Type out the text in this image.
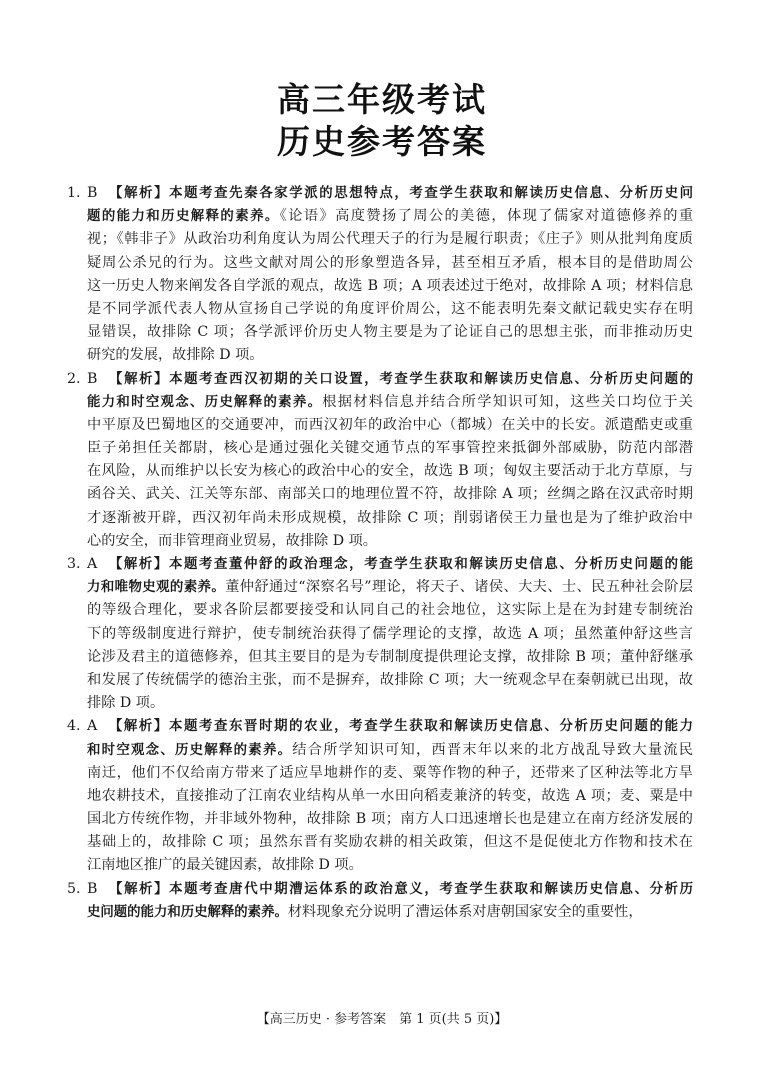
高三年级考试
历史参考答案
1. B 【解析】本题考查先秦各家学派的思想特点，考查学生获取和解读历史信息、分析历史问
题的能力和历史解释的素养。《论语》高度赞扬了周公的美德，体现了儒家对道德修养的重
视；《韩非子》从政治功利角度认为周公代理天子的行为是履行职责；《庄子》则从批判角度质
疑周公杀兄的行为。这些文献对周公的形象塑造各异，甚至相互矛盾，根本目的是借助周公
这一历史人物来阐发各自学派的观点，故选 B 项；A 项表述过于绝对，故排除 A 项；材料信息
是不同学派代表人物从宣扬自己学说的角度评价周公，这不能表明先秦文献记载史实存在明
显错误，故排除 C 项；各学派评价历史人物主要是为了论证自己的思想主张，而非推动历史
研究的发展，故排除 D 项。
2. B 【解析】本题考查西汉初期的关口设置，考查学生获取和解读历史信息、分析历史问题的
能力和时空观念、历史解释的素养。根据材料信息并结合所学知识可知，这些关口均位于关
中平原及巴蜀地区的交通要冲，而西汉初年的政治中心（都城）在关中的长安。派遣酷吏或重
臣子弟担任关都尉，核心是通过强化关键交通节点的军事管控来抵御外部威胁，防范内部潜
在风险，从而维护以长安为核心的政治中心的安全，故选 B 项；匈奴主要活动于北方草原，与
函谷关、武关、江关等东部、南部关口的地理位置不符，故排除 A 项；丝绸之路在汉武帝时期
才逐渐被开辟，西汉初年尚未形成规模，故排除 C 项；削弱诸侯王力量也是为了维护政治中
心的安全，而非管理商业贸易，故排除 D 项。
3. A 【解析】本题考查董仲舒的政治理念，考查学生获取和解读历史信息、分析历史问题的能
力和唯物史观的素养。董仲舒通过“深察名号”理论，将天子、诸侯、大夫、士、民五种社会阶层
的等级合理化，要求各阶层都要接受和认同自己的社会地位，这实际上是在为封建专制统治
下的等级制度进行辩护，使专制统治获得了儒学理论的支撑，故选 A 项；虽然董仲舒这些言
论涉及君主的道德修养，但其主要目的是为专制制度提供理论支撑，故排除 B 项；董仲舒继承
和发展了传统儒学的德治主张，而不是摒弃，故排除 C 项；大一统观念早在秦朝就已出现，故
排除 D 项。
4. A 【解析】本题考查东晋时期的农业，考查学生获取和解读历史信息、分析历史问题的能力
和时空观念、历史解释的素养。结合所学知识可知，西晋末年以来的北方战乱导致大量流民
南迁，他们不仅给南方带来了适应旱地耕作的麦、粟等作物的种子，还带来了区种法等北方旱
地农耕技术，直接推动了江南农业结构从单一水田向稻麦兼济的转变，故选 A 项；麦、粟是中
国北方传统作物，并非域外物种，故排除 B 项；南方人口迅速增长也是建立在南方经济发展的
基础上的，故排除 C 项；虽然东晋有奖励农耕的相关政策，但这不是促使北方作物和技术在
江南地区推广的最关键因素，故排除 D 项。
5. B 【解析】本题考查唐代中期漕运体系的政治意义，考查学生获取和解读历史信息、分析历
史问题的能力和历史解释的素养。材料现象充分说明了漕运体系对唐朝国家安全的重要性，
【高三历史 · 参考答案　第 1 页(共 5 页)】
